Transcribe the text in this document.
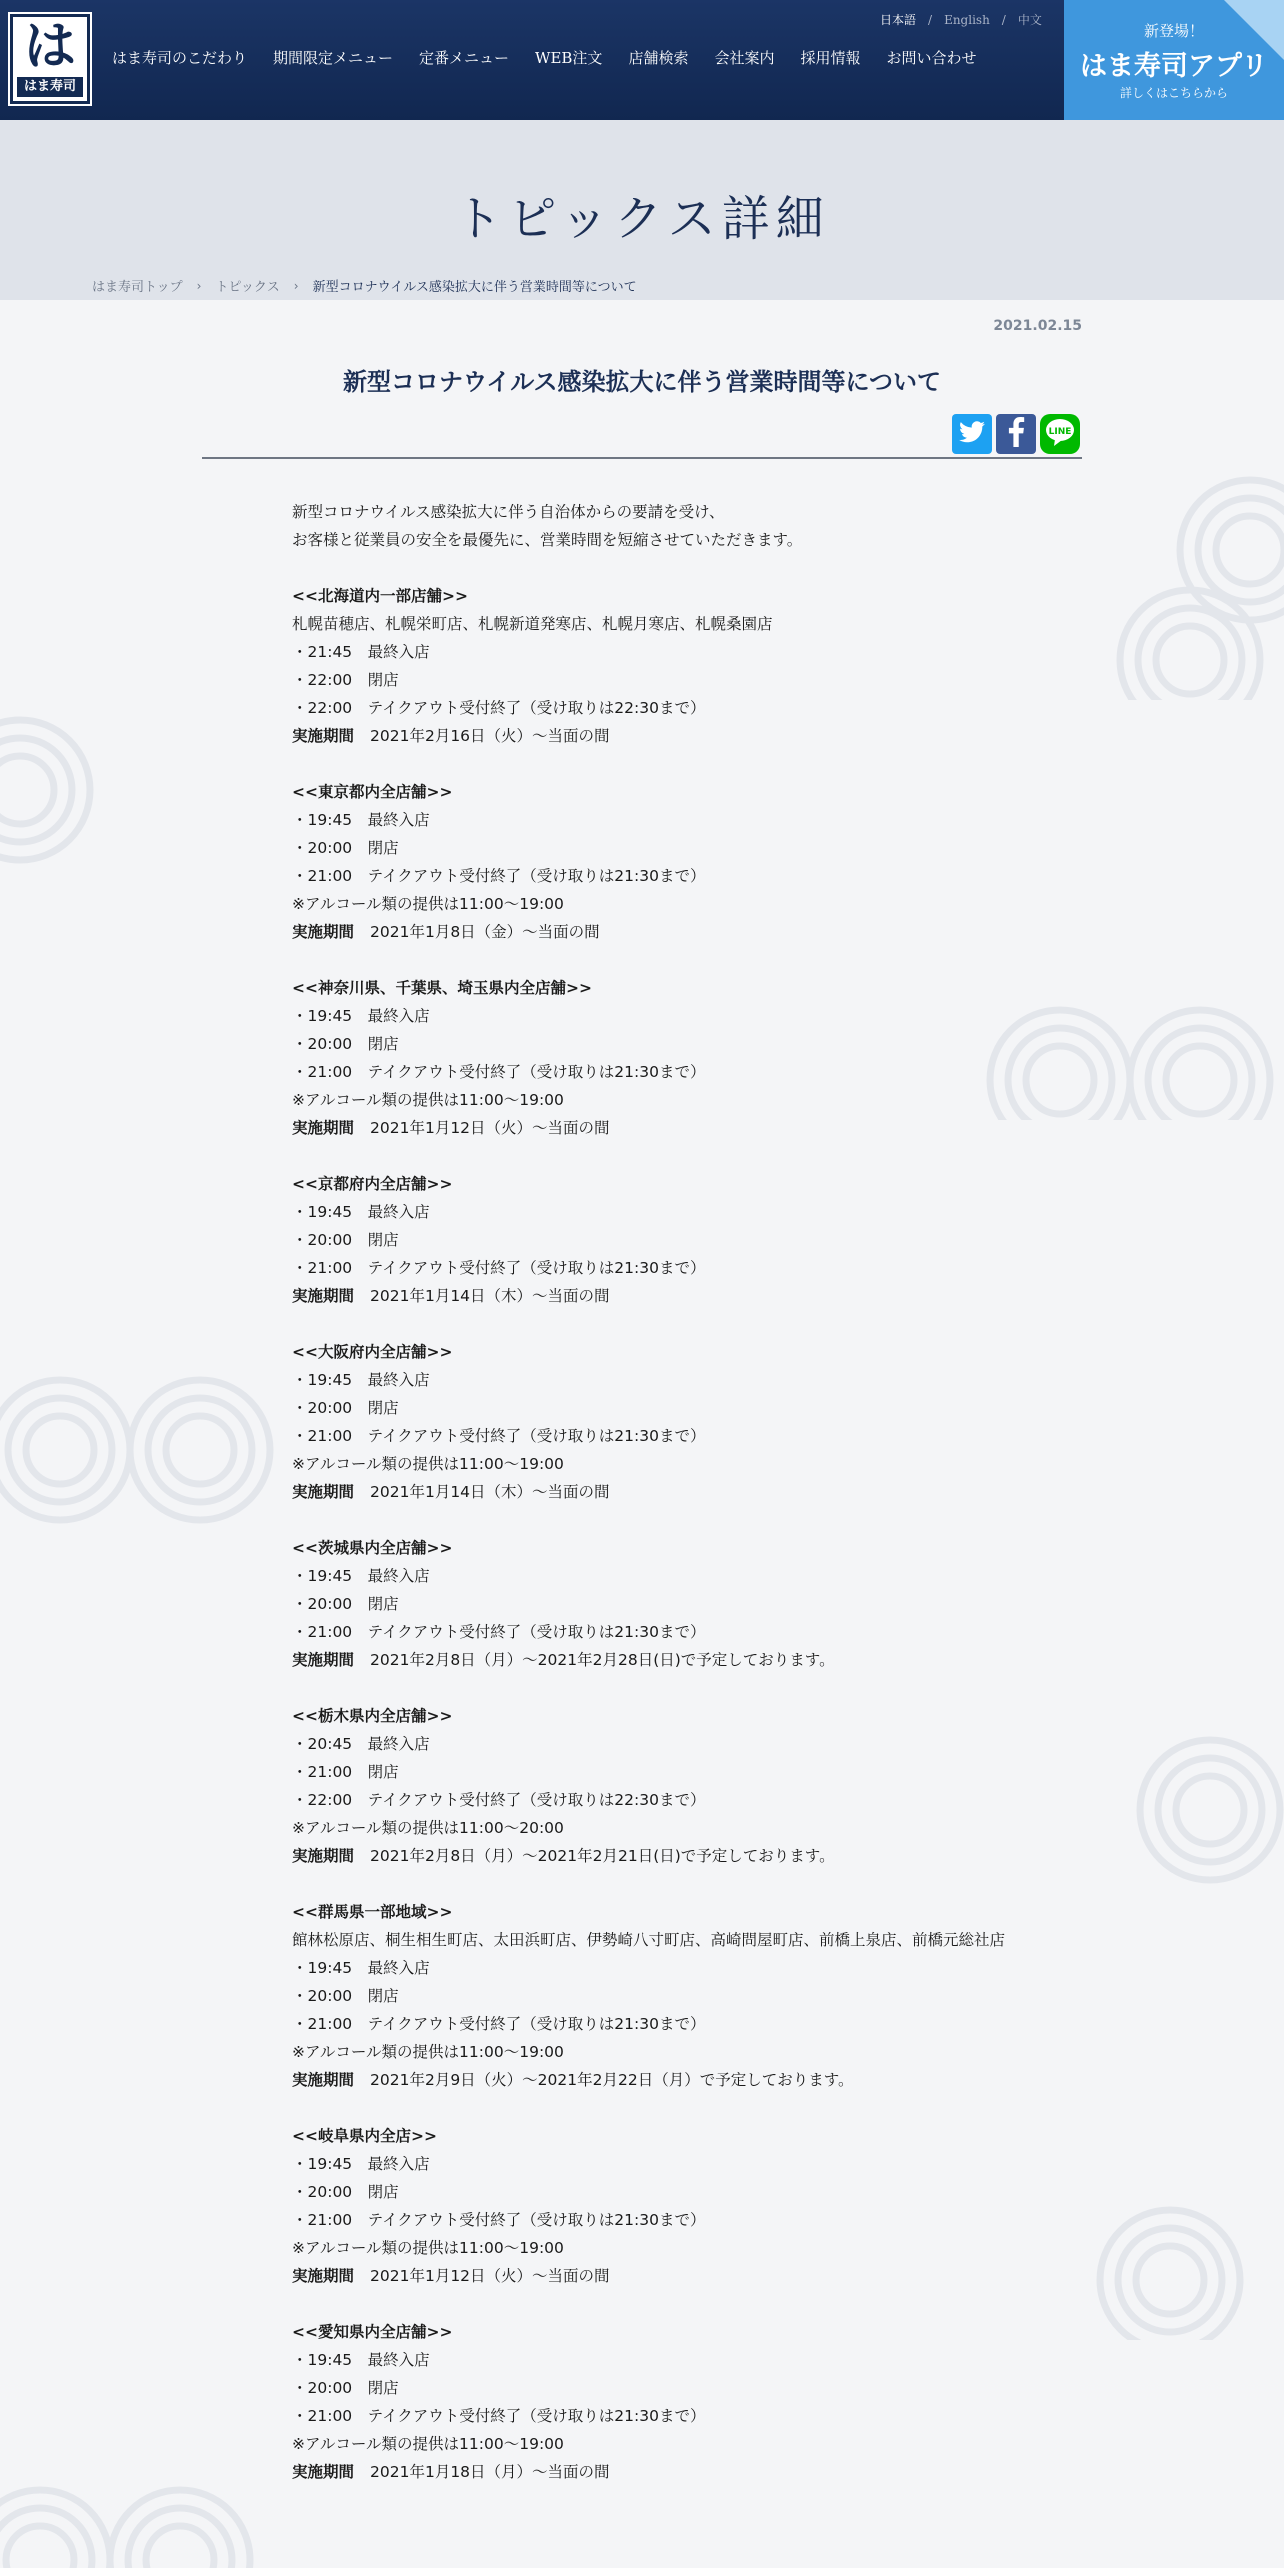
は
はま寿司
はま寿司のこだわり 期間限定メニュー 定番メニュー WEB注文 店舗検索 会社案内 採用情報 お問い合わせ
日本語 / English / 中文
新登場！
はま寿司アプリ
詳しくはこちらから
トピックス詳細
はま寿司トップ › トピックス › 新型コロナウイルス感染拡大に伴う営業時間等について
2021.02.15
新型コロナウイルス感染拡大に伴う営業時間等について
LINE

新型コロナウイルス感染拡大に伴う自治体からの要請を受け、

お客様と従業員の安全を最優先に、営業時間を短縮させていただきます。

<<北海道内一部店舗>>

札幌苗穂店、札幌栄町店、札幌新道発寒店、札幌月寒店、札幌桑園店

・21:45　最終入店

・22:00　閉店

・22:00　テイクアウト受付終了（受け取りは22:30まで）

実施期間 2021年2月16日（火）～当面の間

<<東京都内全店舗>>

・19:45　最終入店

・20:00　閉店

・21:00　テイクアウト受付終了（受け取りは21:30まで）

※アルコール類の提供は11:00～19:00

実施期間 2021年1月8日（金）～当面の間

<<神奈川県、千葉県、埼玉県内全店舗>>

・19:45　最終入店

・20:00　閉店

・21:00　テイクアウト受付終了（受け取りは21:30まで）

※アルコール類の提供は11:00～19:00

実施期間 2021年1月12日（火）～当面の間

<<京都府内全店舗>>

・19:45　最終入店

・20:00　閉店

・21:00　テイクアウト受付終了（受け取りは21:30まで）

実施期間 2021年1月14日（木）～当面の間

<<大阪府内全店舗>>

・19:45　最終入店

・20:00　閉店

・21:00　テイクアウト受付終了（受け取りは21:30まで）

※アルコール類の提供は11:00～19:00

実施期間 2021年1月14日（木）～当面の間

<<茨城県内全店舗>>

・19:45　最終入店

・20:00　閉店

・21:00　テイクアウト受付終了（受け取りは21:30まで）

実施期間 2021年2月8日（月）～2021年2月28日(日)で予定しております。

<<栃木県内全店舗>>

・20:45　最終入店

・21:00　閉店

・22:00　テイクアウト受付終了（受け取りは22:30まで）

※アルコール類の提供は11:00～20:00

実施期間 2021年2月8日（月）～2021年2月21日(日)で予定しております。

<<群馬県一部地域>>

館林松原店、桐生相生町店、太田浜町店、伊勢崎八寸町店、高崎問屋町店、前橋上泉店、前橋元総社店

・19:45　最終入店

・20:00　閉店

・21:00　テイクアウト受付終了（受け取りは21:30まで）

※アルコール類の提供は11:00～19:00

実施期間 2021年2月9日（火）～2021年2月22日（月）で予定しております。

<<岐阜県内全店>>

・19:45　最終入店

・20:00　閉店

・21:00　テイクアウト受付終了（受け取りは21:30まで）

※アルコール類の提供は11:00～19:00

実施期間 2021年1月12日（火）～当面の間

<<愛知県内全店舗>>

・19:45　最終入店

・20:00　閉店

・21:00　テイクアウト受付終了（受け取りは21:30まで）

※アルコール類の提供は11:00～19:00

実施期間 2021年1月18日（月）～当面の間
